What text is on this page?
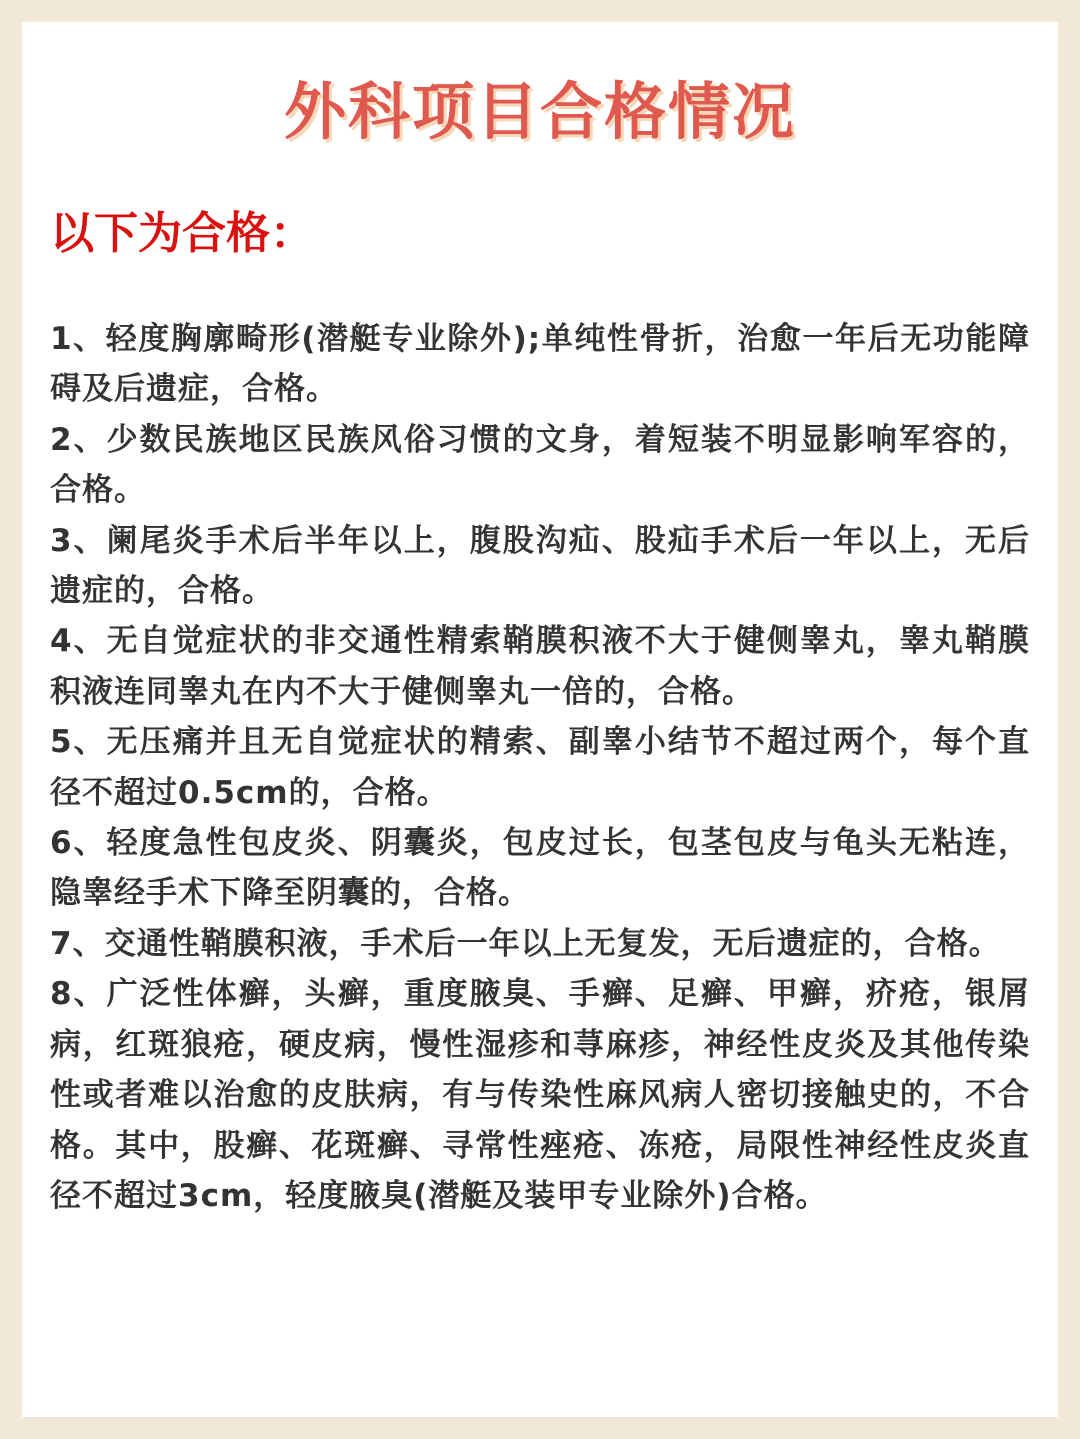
外科项目合格情况
以下为合格：
1、轻度胸廓畸形(潜艇专业除外);单纯性骨折，治愈一年后无功能障碍及后遗症，合格。
2、少数民族地区民族风俗习惯的文身，着短装不明显影响军容的，合格。
3、阑尾炎手术后半年以上，腹股沟疝、股疝手术后一年以上，无后遗症的，合格。
4、无自觉症状的非交通性精索鞘膜积液不大于健侧睾丸，睾丸鞘膜积液连同睾丸在内不大于健侧睾丸一倍的，合格。
5、无压痛并且无自觉症状的精索、副睾小结节不超过两个，每个直径不超过0.5cm的，合格。
6、轻度急性包皮炎、阴囊炎，包皮过长，包茎包皮与龟头无粘连，隐睾经手术下降至阴囊的，合格。
7、交通性鞘膜积液，手术后一年以上无复发，无后遗症的，合格。
8、广泛性体癣，头癣，重度腋臭、手癣、足癣、甲癣，疥疮，银屑病，红斑狼疮，硬皮病，慢性湿疹和荨麻疹，神经性皮炎及其他传染性或者难以治愈的皮肤病，有与传染性麻风病人密切接触史的，不合格。其中，股癣、花斑癣、寻常性痤疮、冻疮，局限性神经性皮炎直径不超过3cm，轻度腋臭(潜艇及装甲专业除外)合格。
